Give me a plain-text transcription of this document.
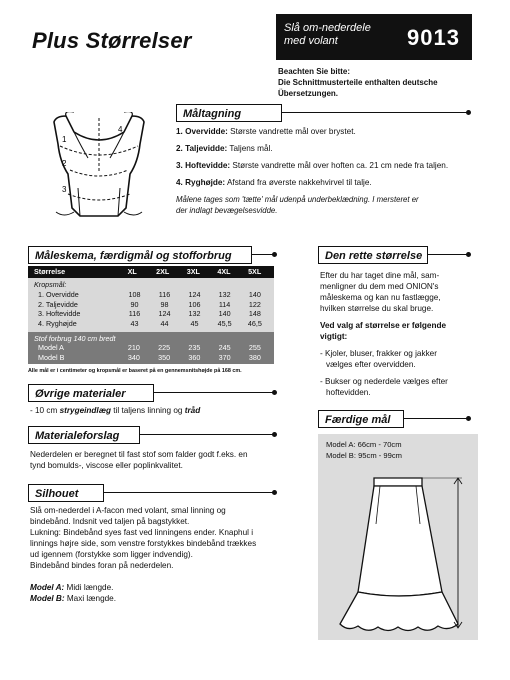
Plus Størrelser	Slå om-nederdele
med volant	9013
Beachten Sie bitte:
Die Schnittmusterteile enthalten deutsche
Übersetzungen.
Måltagning
1
2
3
4	1. Overvidde: Største vandrette mål over brystet.
2. Taljevidde: Taljens mål.
3. Hoftevidde: Største vandrette mål over hoften ca. 21 cm nede fra taljen.
4. Ryghøjde: Afstand fra øverste nakkehvirvel til talje.
Målene tages som 'tætte' mål udenpå underbeklædning. I mersteret er
der indlagt bevægelsesvidde.
Måleskema, færdigmål og stofforbrug
Størrelse	XL	2XL	3XL	4XL	5XL
Kropsmål:
1. Overvidde	108	116	124	132	140
2. Taljevidde	90	98	106	114	122
3. Hoftevidde	116	124	132	140	148
4. Ryghøjde	43	44	45	45,5	46,5
Stof forbrug 140 cm bredt
Model A	210	225	235	245	255
Model B	340	350	360	370	380
Alle mål er i centimeter og kropsmål er baseret på en gennemsnitshøjde på 168 cm.
Øvrige materialer
- 10 cm strygeindlæg til taljens linning og tråd
Materialeforslag
Nederdelen er beregnet til fast stof som falder godt f.eks. en
tynd bomulds-, viscose eller poplinkvalitet.
Silhouet
Slå om-nederdel i A-facon med volant, smal linning og
bindebånd. Indsnit ved taljen på bagstykket.
Lukning: Bindebånd syes fast ved linningens ender. Knaphul i
linnings højre side, som venstre forstykkes bindebånd trækkes
ud igennem (forstykke som ligger indvendig).
Bindebånd bindes foran på nederdelen.
Model A: Midi længde.
Model B: Maxi længde.
Den rette størrelse
Efter du har taget dine mål, sam-
menligner du dem med ONION's
måleskema og kan nu fastlægge,
hvilken størrelse du skal bruge.
Ved valg af størrelse er følgende
vigtigt:
- Kjoler, bluser, frakker og jakker
vælges efter overvidden.
- Bukser og nederdele vælges efter
hoftevidden.
Færdige mål
Model A: 66cm - 70cm
Model B: 95cm - 99cm
